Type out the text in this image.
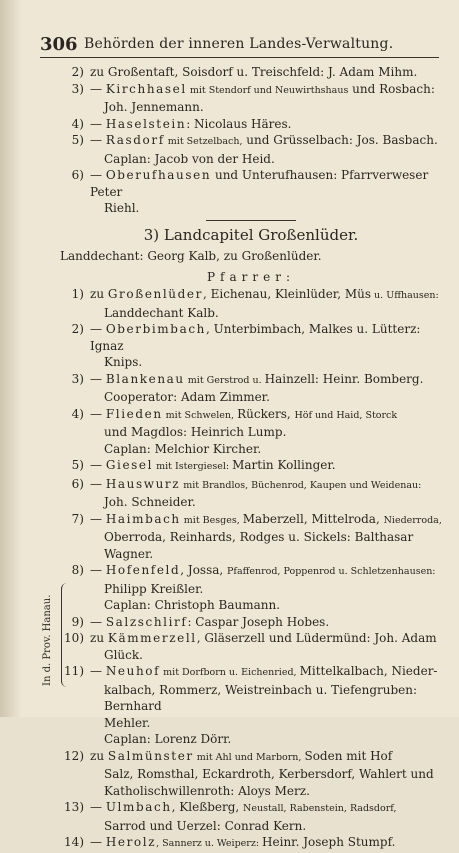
306 Behörden der inneren Landes-Verwaltung.
2) zu Großentaft, Soisdorf u. Treischfeld: J. Adam Mihm.
3) — Kirchhasel mit Stendorf und Neuwirthshaus und Rosbach:
Joh. Jennemann.
4) — Haselstein: Nicolaus Häres.
5) — Rasdorf mit Setzelbach, und Grüsselbach: Jos. Basbach.
Caplan: Jacob von der Heid.
6) — Oberufhausen und Unterufhausen: Pfarrverweser Peter
Riehl.
3) Landcapitel Großenlüder.
Landdechant: Georg Kalb, zu Großenlüder.
Pfarrer:
1) zu Großenlüder, Eichenau, Kleinlüder, Müs u. Uffhausen:
Landdechant Kalb.
2) — Oberbimbach, Unterbimbach, Malkes u. Lütterz: Ignaz
Knips.
3) — Blankenau mit Gerstrod u. Hainzell: Heinr. Bomberg.
Cooperator: Adam Zimmer.
4) — Flieden mit Schwelen, Rückers, Höf und Haid, Storck
und Magdlos: Heinrich Lump.
Caplan: Melchior Kircher.
5) — Giesel mit Istergiesel: Martin Kollinger.
6) — Hauswurz mit Brandlos, Büchenrod, Kaupen und Weidenau:
Joh. Schneider.
7) — Haimbach mit Besges, Maberzell, Mittelroda, Niederroda,
Oberroda, Reinhards, Rodges u. Sickels: Balthasar Wagner.
8) — Hofenfeld, Jossa, Pfaffenrod, Poppenrod u. Schletzenhausen:
Philipp Kreißler.
Caplan: Christoph Baumann.
9) — Salzschlirf: Caspar Joseph Hobes.
10) zu Kämmerzell, Gläserzell und Lüdermünd: Joh. Adam
Glück.
11) — Neuhof mit Dorfborn u. Eichenried, Mittelkalbach, Nieder-
kalbach, Rommerz, Weistreinbach u. Tiefengruben: Bernhard
Mehler.
Caplan: Lorenz Dörr.
12) zu Salmünster mit Ahl und Marborn, Soden mit Hof
Salz, Romsthal, Eckardroth, Kerbersdorf, Wahlert und
Katholischwillenroth: Aloys Merz.
13) — Ulmbach, Kleßberg, Neustall, Rabenstein, Radsdorf,
Sarrod und Uerzel: Conrad Kern.
14) — Herolz, Sannerz u. Weiperz: Heinr. Joseph Stumpf.
In d. Prov. Hanau.
